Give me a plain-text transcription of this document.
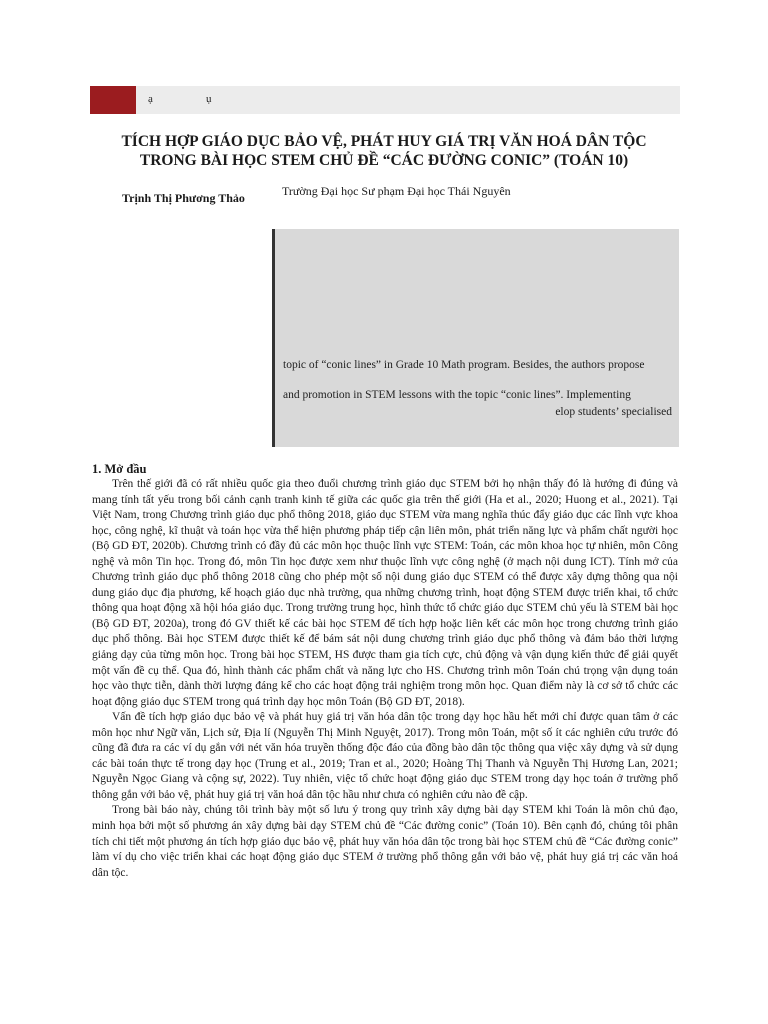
ạ	ụ
TÍCH HỢP GIÁO DỤC BẢO VỆ, PHÁT HUY GIÁ TRỊ VĂN HOÁ DÂN TỘC
TRONG BÀI HỌC STEM CHỦ ĐỀ “CÁC ĐƯỜNG CONIC” (TOÁN 10)
Trịnh Thị Phương Thảo	Trường Đại học Sư phạm Đại học Thái Nguyên
topic of “conic lines” in Grade 10 Math program. Besides, the authors propose
and promotion in STEM lessons with the topic “conic lines”. Implementing
elop students’ specialised
1. Mở đầu

Trên thế giới đã có rất nhiều quốc gia theo đuổi chương trình giáo dục STEM bởi họ nhận thấy đó là hướng đi đúng và mang tính tất yếu trong bối cảnh cạnh tranh kinh tế giữa các quốc gia trên thế giới (Ha et al., 2020; Huong et al., 2021). Tại Việt Nam, trong Chương trình giáo dục phổ thông 2018, giáo dục STEM vừa mang nghĩa thúc đẩy giáo dục các lĩnh vực khoa học, công nghệ, kĩ thuật và toán học vừa thể hiện phương pháp tiếp cận liên môn, phát triển năng lực và phẩm chất người học (Bộ GD ĐT, 2020b). Chương trình có đầy đủ các môn học thuộc lĩnh vực STEM: Toán, các môn khoa học tự nhiên, môn Công nghệ và môn Tin học. Trong đó, môn Tin học được xem như thuộc lĩnh vực công nghệ (ở mạch nội dung ICT). Tính mở của Chương trình giáo dục phổ thông 2018 cũng cho phép một số nội dung giáo dục STEM có thể được xây dựng thông qua nội dung giáo dục địa phương, kế hoạch giáo dục nhà trường, qua những chương trình, hoạt động STEM được triển khai, tổ chức thông qua hoạt động xã hội hóa giáo dục. Trong trường trung học, hình thức tổ chức giáo dục STEM chủ yếu là STEM bài học (Bộ GD ĐT, 2020a), trong đó GV thiết kế các bài học STEM để tích hợp hoặc liên kết các môn học trong chương trình giáo dục phổ thông. Bài học STEM được thiết kế để bám sát nội dung chương trình giáo dục phổ thông và đảm bảo thời lượng giảng dạy của từng môn học. Trong bài học STEM, HS được tham gia tích cực, chủ động và vận dụng kiến thức để giải quyết một vấn đề cụ thể. Qua đó, hình thành các phẩm chất và năng lực cho HS. Chương trình môn Toán chú trọng vận dụng toán học vào thực tiễn, dành thời lượng đáng kể cho các hoạt động trải nghiệm trong môn học. Quan điểm này là cơ sở tổ chức các hoạt động giáo dục STEM trong quá trình dạy học môn Toán (Bộ GD ĐT, 2018).

Vấn đề tích hợp giáo dục bảo vệ và phát huy giá trị văn hóa dân tộc trong dạy học hầu hết mới chỉ được quan tâm ở các môn học như Ngữ văn, Lịch sử, Địa lí (Nguyễn Thị Minh Nguyệt, 2017). Trong môn Toán, một số ít các nghiên cứu trước đó cũng đã đưa ra các ví dụ gắn với nét văn hóa truyền thống độc đáo của đồng bào dân tộc thông qua việc xây dựng và sử dụng các bài toán thực tế trong dạy học (Trung et al., 2019; Tran et al., 2020; Hoàng Thị Thanh và Nguyễn Thị Hương Lan, 2021; Nguyễn Ngọc Giang và cộng sự, 2022). Tuy nhiên, việc tổ chức hoạt động giáo dục STEM trong dạy học toán ở trường phổ thông gắn với bảo vệ, phát huy giá trị văn hoá dân tộc hầu như chưa có nghiên cứu nào đề cập.

Trong bài báo này, chúng tôi trình bày một số lưu ý trong quy trình xây dựng bài dạy STEM khi Toán là môn chủ đạo, minh họa bởi một số phương án xây dựng bài dạy STEM chủ đề “Các đường conic” (Toán 10). Bên cạnh đó, chúng tôi phân tích chi tiết một phương án tích hợp giáo dục bảo vệ, phát huy văn hóa dân tộc trong bài học STEM chủ đề “Các đường conic” làm ví dụ cho việc triển khai các hoạt động giáo dục STEM ở trường phổ thông gắn với bảo vệ, phát huy giá trị các văn hoá dân tộc.
